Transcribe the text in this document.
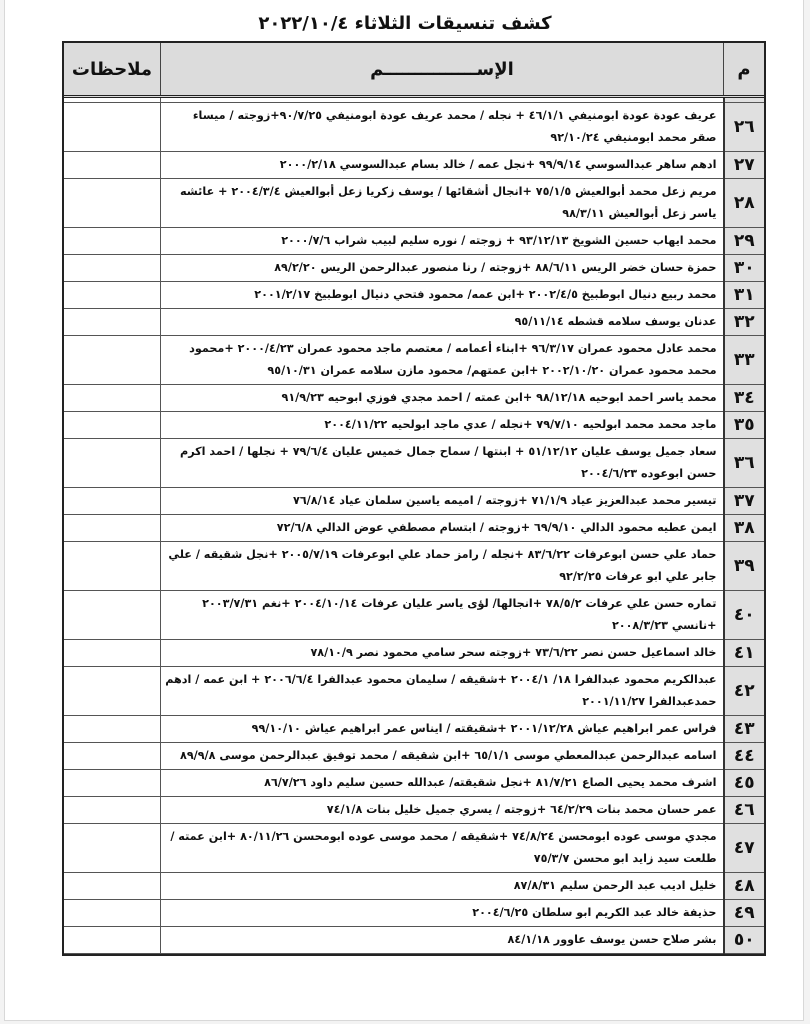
كشف تنسيقات الثلاثاء ٢٠٢٢/١٠/٤
م	الإســـــــــــــــم	ملاحظات

٢٦	عريف عودة عودة ابومنيفي ٤٦/١/١ + نجله / محمد عريف عودة ابومنيفي ٩٠/٧/٢٥+زوجته / ميساء صقر محمد ابومنيفي ٩٢/١٠/٢٤	
٢٧	ادهم ساهر عبدالسوسي ٩٩/٩/١٤ +نجل عمه / خالد بسام عبدالسوسي ٢٠٠٠/٢/١٨	
٢٨	مريم زعل محمد أبوالعيش ٧٥/١/٥ +انجال أشقائها / يوسف زكريا زعل أبوالعيش ٢٠٠٤/٣/٤ + عائشه ياسر زعل أبوالعيش ٩٨/٣/١١	
٢٩	محمد ايهاب حسين الشويخ ٩٣/١٢/١٣ + زوجته / نوره سليم لبيب شراب ٢٠٠٠/٧/٦	
٣٠	حمزة حسان خضر الريس ٨٨/٦/١١ +زوجته / رنا منصور عبدالرحمن الريس ٨٩/٢/٢٠	
٣١	محمد ربيع دنيال ابوطبيخ ٢٠٠٢/٤/٥ +ابن عمه/ محمود فتحي دنيال ابوطبيخ ٢٠٠١/٢/١٧	
٣٢	عدنان يوسف سلامه قشطه ٩٥/١١/١٤	
٣٣	محمد عادل محمود عمران ٩٦/٣/١٧ +ابناء أعمامه / معتصم ماجد محمود عمران ٢٠٠٠/٤/٢٣ +محمود محمد محمود عمران ٢٠٠٢/١٠/٢٠ +ابن عمتهم/ محمود مازن سلامه عمران ٩٥/١٠/٣١	
٣٤	محمد ياسر احمد ابوحيه ٩٨/١٢/١٨ +ابن عمته / احمد مجدي فوزي ابوحيه ٩١/٩/٢٣	
٣٥	ماجد محمد محمد ابولحيه ٧٩/٧/١٠ +نجله / عدي ماجد ابولحيه ٢٠٠٤/١١/٢٢	
٣٦	سعاد جميل يوسف عليان ٥١/١٢/١٢ + ابنتها / سماح جمال خميس عليان ٧٩/٦/٤ + نجلها / احمد اكرم حسن ابوعوده ٢٠٠٤/٦/٢٣	
٣٧	تيسير محمد عبدالعزيز عياد ٧١/١/٩ +زوجته / اميمه ياسين سلمان عياد ٧٦/٨/١٤	
٣٨	ايمن عطيه محمود الدالي ٦٩/٩/١٠ +زوجته / ابتسام مصطفي عوض الدالي ٧٢/٦/٨	
٣٩	حماد علي حسن ابوعرفات ٨٣/٦/٢٢ +نجله / رامز حماد علي ابوعرفات ٢٠٠٥/٧/١٩ +نجل شقيقه / علي جابر علي ابو عرفات ٩٢/٢/٢٥	
٤٠	تماره حسن علي عرفات ٧٨/٥/٢ +انجالها/ لؤى ياسر عليان عرفات ٢٠٠٤/١٠/١٤ +نغم ٢٠٠٣/٧/٣١ +نانسي ٢٠٠٨/٣/٢٣	
٤١	خالد اسماعيل حسن نصر ٧٣/٦/٢٢ +زوجته سحر سامي محمود نصر ٧٨/١٠/٩	
٤٢	عبدالكريم محمود عبدالفرا ١٨/ ٢٠٠٤/١ +شقيقه / سليمان محمود عبدالفرا ٢٠٠٦/٦/٤ + ابن عمه / ادهم حمدعبدالفرا ٢٠٠١/١١/٢٧	
٤٣	فراس عمر ابراهيم عياش ٢٠٠١/١٢/٢٨ +شقيقته / ايناس عمر ابراهيم عياش ٩٩/١٠/١٠	
٤٤	اسامه عبدالرحمن عبدالمعطي موسى ٦٥/١/١ +ابن شقيقه / محمد توفيق عبدالرحمن موسى ٨٩/٩/٨	
٤٥	اشرف محمد يحيى الصاع ٨١/٧/٢١ +نجل شقيقته/ عبدالله حسين سليم داود ٨٦/٧/٢٦	
٤٦	عمر حسان محمد بنات ٦٤/٢/٢٩ +زوجته / يسري جميل خليل بنات ٧٤/١/٨	
٤٧	مجدي موسى عوده ابومحسن ٧٤/٨/٢٤ +شقيقه / محمد موسى عوده ابومحسن ٨٠/١١/٢٦ +ابن عمته / طلعت سيد زايد ابو محسن ٧٥/٣/٧	
٤٨	خليل اديب عبد الرحمن سليم ٨٧/٨/٣١	
٤٩	حذيفة خالد عبد الكريم ابو سلطان ٢٠٠٤/٦/٢٥	
٥٠	بشر صلاح حسن يوسف عاوور ٨٤/١/١٨	
